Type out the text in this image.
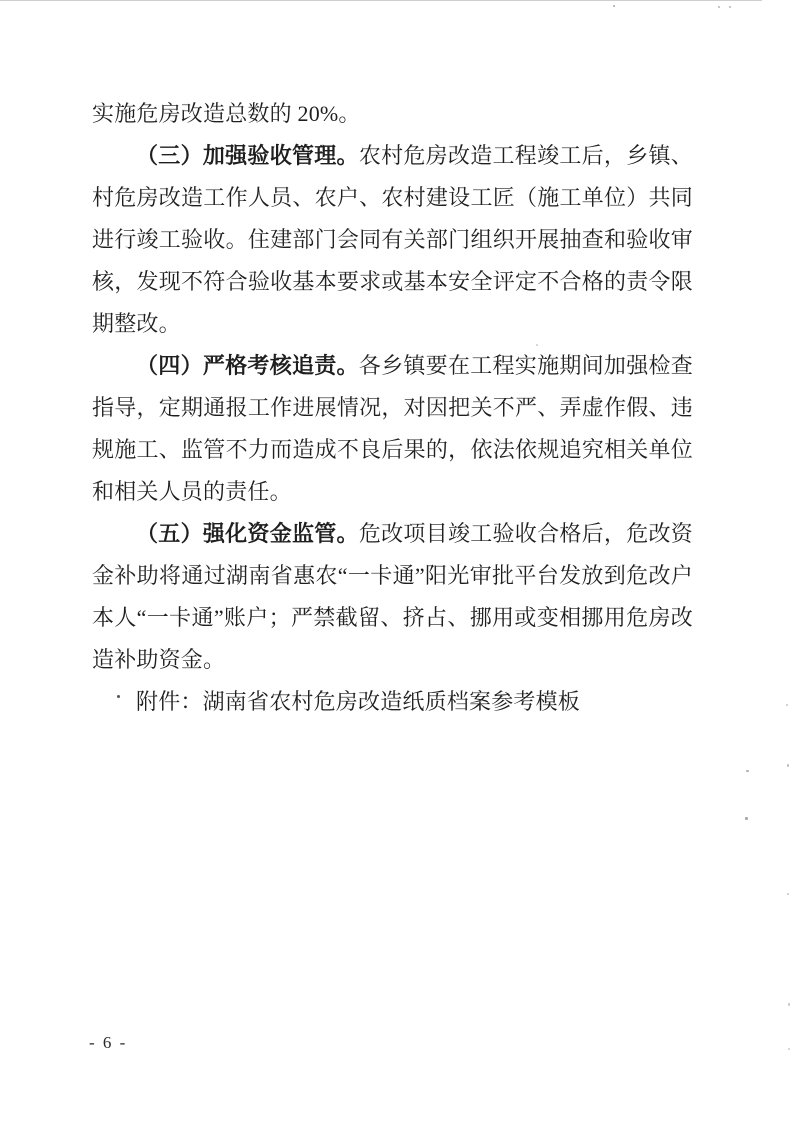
实施危房改造总数的 20%。

（三）加强验收管理。农村危房改造工程竣工后，乡镇、村危房改造工作人员、农户、农村建设工匠（施工单位）共同进行竣工验收。住建部门会同有关部门组织开展抽查和验收审核，发现不符合验收基本要求或基本安全评定不合格的责令限期整改。

（四）严格考核追责。各乡镇要在工程实施期间加强检查指导，定期通报工作进展情况，对因把关不严、弄虚作假、违规施工、监管不力而造成不良后果的，依法依规追究相关单位和相关人员的责任。

（五）强化资金监管。危改项目竣工验收合格后，危改资金补助将通过湖南省惠农“一卡通”阳光审批平台发放到危改户本人“一卡通”账户；严禁截留、挤占、挪用或变相挪用危房改造补助资金。

附件：湖南省农村危房改造纸质档案参考模板

- 6 -
